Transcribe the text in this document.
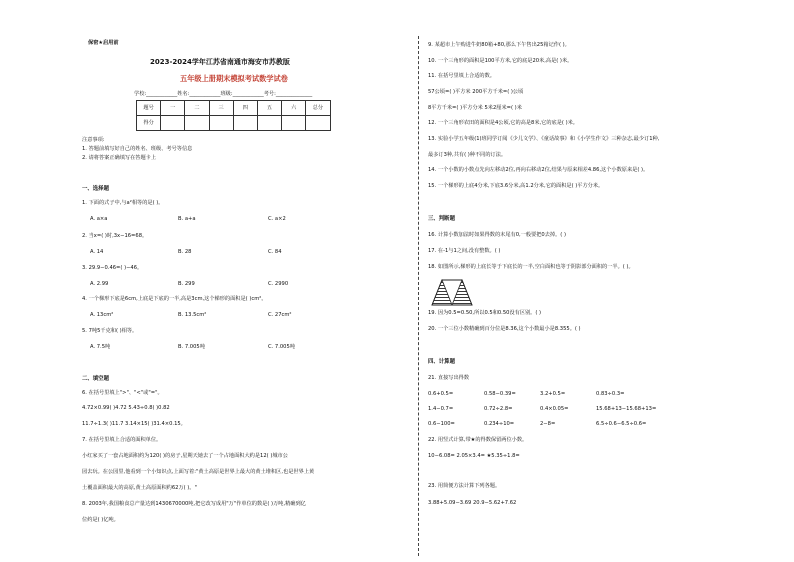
保密★启用前
2023-2024学年江苏省南通市海安市苏教版
五年级上册期末模拟考试数学试卷
学校:____________姓名:____________班级:____________考号:______________
题号	一	二	三	四	五	六	总分
得分							
注意事项:
1. 答题前填写好自己的姓名、班级、考号等信息
2. 请将答案正确填写在答题卡上
一、选择题
1. 下面的式子中,与a²相等的是( )。
A. a×a	B. a+a	C. a×2
2. 当x=( )时,3x−16=68。
A. 14	B. 28	C. 84
3. 29.9−0.46=( )−46。
A. 2.99	B. 299	C. 2990
4. 一个梯形下底是6cm,上底是下底的一半,高是3cm,这个梯形的面积是( )cm²。
A. 13cm²	B. 13.5cm²	C. 27cm²
5. 7吨5千克和( )相等。
A. 7.5吨	B. 7.005吨	C. 7.005吨
二、填空题
6. 在括号里填上">"、"<"或"="。
4.72×0.99( )4.72 5.43÷0.8( )0.82
11.7÷1.3( )11.7 3.14×15( )31.4×0.15。
7. 在括号里填上合适的面积单位。
小红家买了一套占地面积约为120( )的房子,星期天她去了一个占地面积大约是12( )城市公
园去玩。在公园里,他看到一个小知识点,上面写着:"黄土高原是世界上最大的黄土堆积区,也是世界上黄
土覆盖面积最大的高原,黄土高原面积约62万( )。"
8. 2003年,我国粮食总产量达到1430670000吨,把它改写成用"万"作单位的数是( )万吨,精确到亿
位约是( )亿吨。
9. 某超市上午购进牛奶80箱+80,那么下午售出25箱记作( )。
10. 一个三角形的面积是100平方米,它的底是20米,高是( )米。
11. 在括号里填上合适的数。
57公顷=( )平方米 200平方千米=( )公顷
8平方千米=( )平方分米 5米2厘米=( )米
12. 一个三角形农田的面积是4公顷,它的高是8米,它的底是( )米。
13. 实验小学五年级(1)班同学订阅《少儿文学》、《童话故事》和《小学生作文》三种杂志,最少订1种,
最多订3种,共有( )种不同的订法。
14. 一个小数的小数点先向左移动2位,再向右移动2位,结果与原来相差4.86,这个小数原来是( )。
15. 一个梯形的上底4分米,下底3.6分米,高1.2分米,它的面积是( )平方分米。
三、判断题
16. 计算小数加法时如果得数的末尾有0,一般要把0去掉。( )
17. 在-1与1之间,没有整数。( )
18. 如图所示,梯形的上底长等于下底长的一半,空白面积也等于阴影部分面积的一半。( )。
19. 因为0.5=0.50,所以0.5和0.50没有区别。( )
20. 一个三位小数精确到百分位是8.36,这个小数最小是8.355。( )
四、计算题
21. 直接写出得数
0.6+0.5=	0.58−0.39=	3.2+0.5=	0.83÷0.3=
1.4−0.7=	0.72÷2.8=	0.4×0.05=	15.68+13−15.68+13=
0.6−100=	0.234÷10=	2−8=	6.5÷0.6−6.5÷0.6=
22. 用竖式计算,带★的得数保留两位小数。
10−6.08= 2.05×3.4= ★5.35÷1.8=
23. 用简便方法计算下列各题。
3.88+5.09−3.69 20.9−5.62+7.62
